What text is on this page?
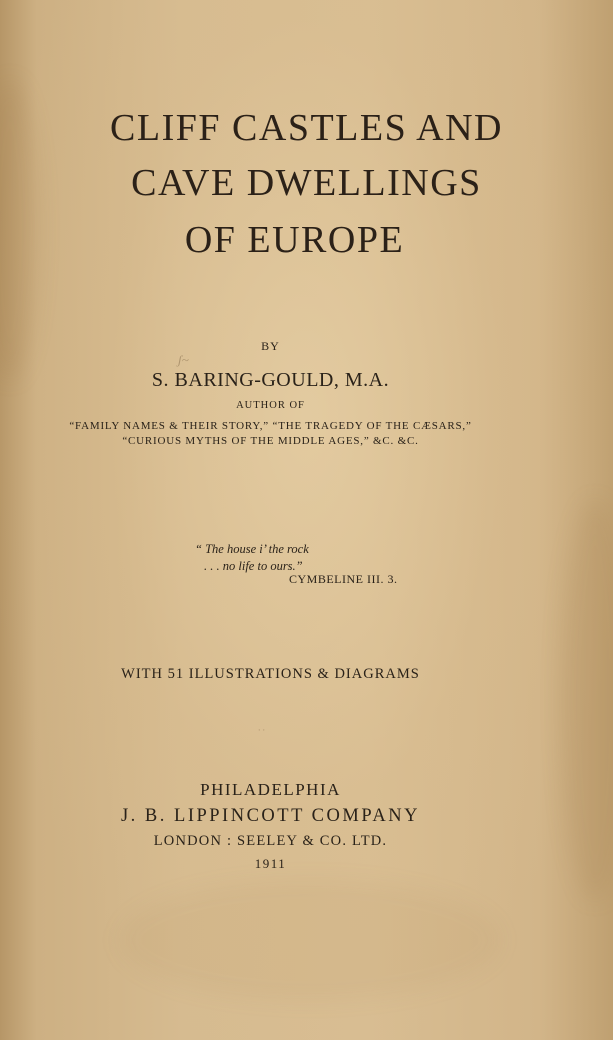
CLIFF CASTLES AND
CAVE DWELLINGS
OF EUROPE
BY
S. BARING-GOULD, M.A.
AUTHOR OF
“FAMILY NAMES & THEIR STORY,” “THE TRAGEDY OF THE CÆSARS,”
“CURIOUS MYTHS OF THE MIDDLE AGES,” &C. &C.
ʃ~
“ The house i’ the rock
. . . no life to ours.”
CYMBELINE III. 3.
WITH 51 ILLUSTRATIONS & DIAGRAMS
· ·
PHILADELPHIA
J. B. LIPPINCOTT COMPANY
LONDON : SEELEY & CO. LTD.
1911
